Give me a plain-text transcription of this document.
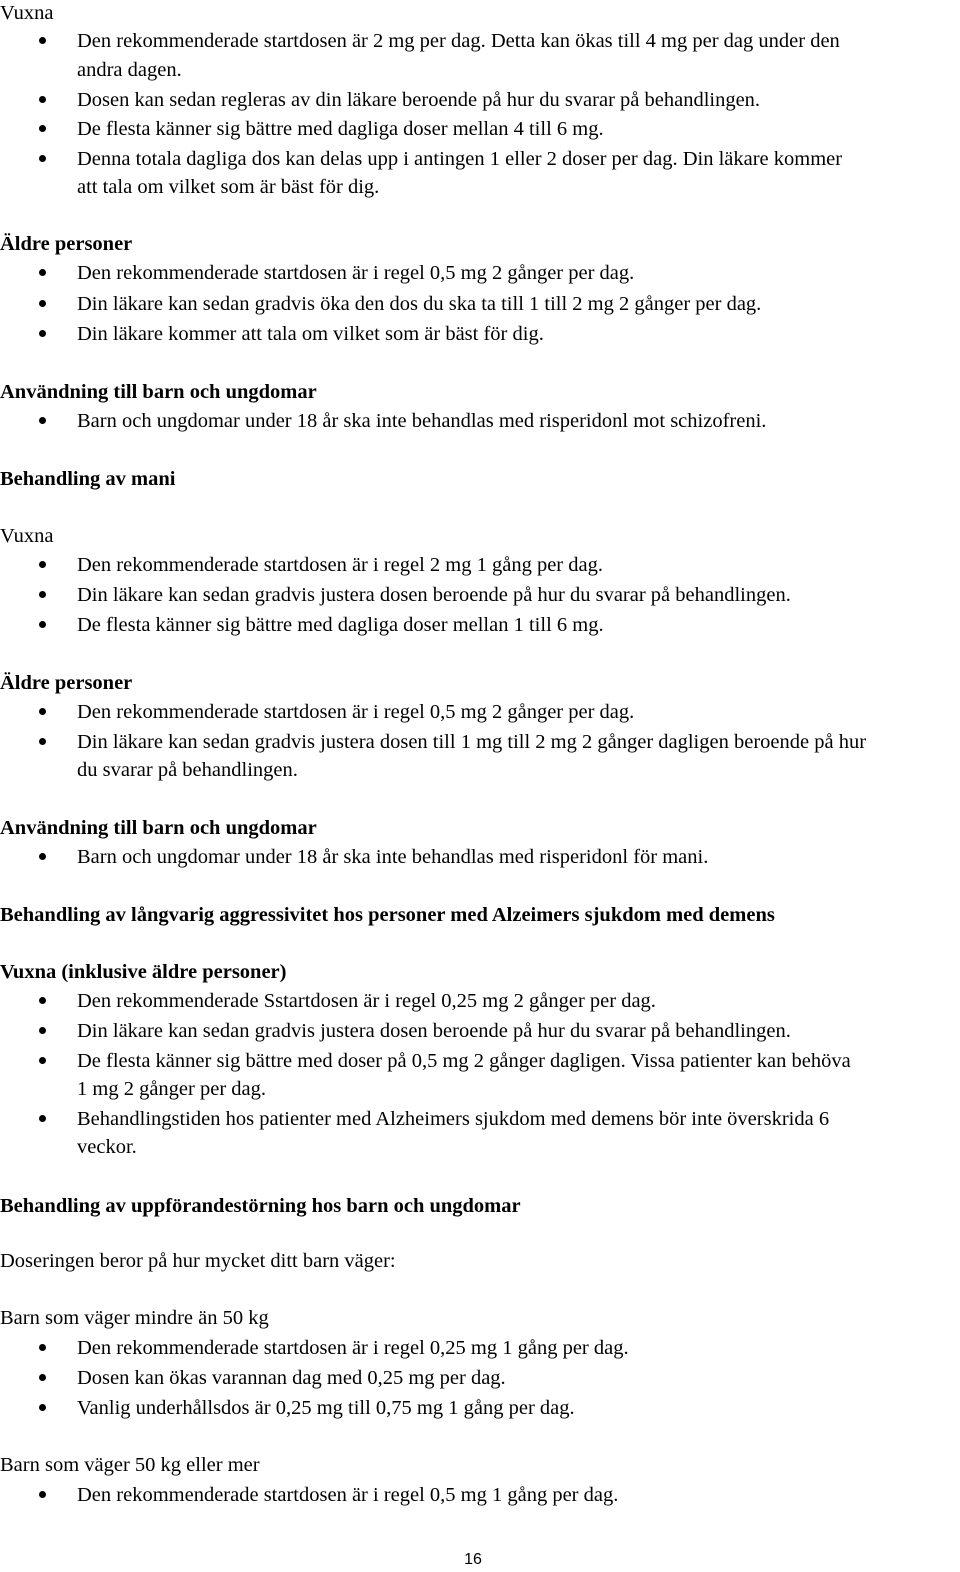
Vuxna
Den rekommenderade startdosen är 2 mg per dag. Detta kan ökas till 4 mg per dag under den
andra dagen.
Dosen kan sedan regleras av din läkare beroende på hur du svarar på behandlingen.
De flesta känner sig bättre med dagliga doser mellan 4 till 6 mg.
Denna totala dagliga dos kan delas upp i antingen 1 eller 2 doser per dag. Din läkare kommer
att tala om vilket som är bäst för dig.
Äldre personer
Den rekommenderade startdosen är i regel 0,5 mg 2 gånger per dag.
Din läkare kan sedan gradvis öka den dos du ska ta till 1 till 2 mg 2 gånger per dag.
Din läkare kommer att tala om vilket som är bäst för dig.
Användning till barn och ungdomar
Barn och ungdomar under 18 år ska inte behandlas med risperidonl mot schizofreni.
Behandling av mani
Vuxna
Den rekommenderade startdosen är i regel 2 mg 1 gång per dag.
Din läkare kan sedan gradvis justera dosen beroende på hur du svarar på behandlingen.
De flesta känner sig bättre med dagliga doser mellan 1 till 6 mg.
Äldre personer
Den rekommenderade startdosen är i regel 0,5 mg 2 gånger per dag.
Din läkare kan sedan gradvis justera dosen till 1 mg till 2 mg 2 gånger dagligen beroende på hur
du svarar på behandlingen.
Användning till barn och ungdomar
Barn och ungdomar under 18 år ska inte behandlas med risperidonl för mani.
Behandling av långvarig aggressivitet hos personer med Alzeimers sjukdom med demens
Vuxna (inklusive äldre personer)
Den rekommenderade Sstartdosen är i regel 0,25 mg 2 gånger per dag.
Din läkare kan sedan gradvis justera dosen beroende på hur du svarar på behandlingen.
De flesta känner sig bättre med doser på 0,5 mg 2 gånger dagligen. Vissa patienter kan behöva
1 mg 2 gånger per dag.
Behandlingstiden hos patienter med Alzheimers sjukdom med demens bör inte överskrida 6
veckor.
Behandling av uppförandestörning hos barn och ungdomar
Doseringen beror på hur mycket ditt barn väger:
Barn som väger mindre än 50 kg
Den rekommenderade startdosen är i regel 0,25 mg 1 gång per dag.
Dosen kan ökas varannan dag med 0,25 mg per dag.
Vanlig underhållsdos är 0,25 mg till 0,75 mg 1 gång per dag.
Barn som väger 50 kg eller mer
Den rekommenderade startdosen är i regel 0,5 mg 1 gång per dag.
16
